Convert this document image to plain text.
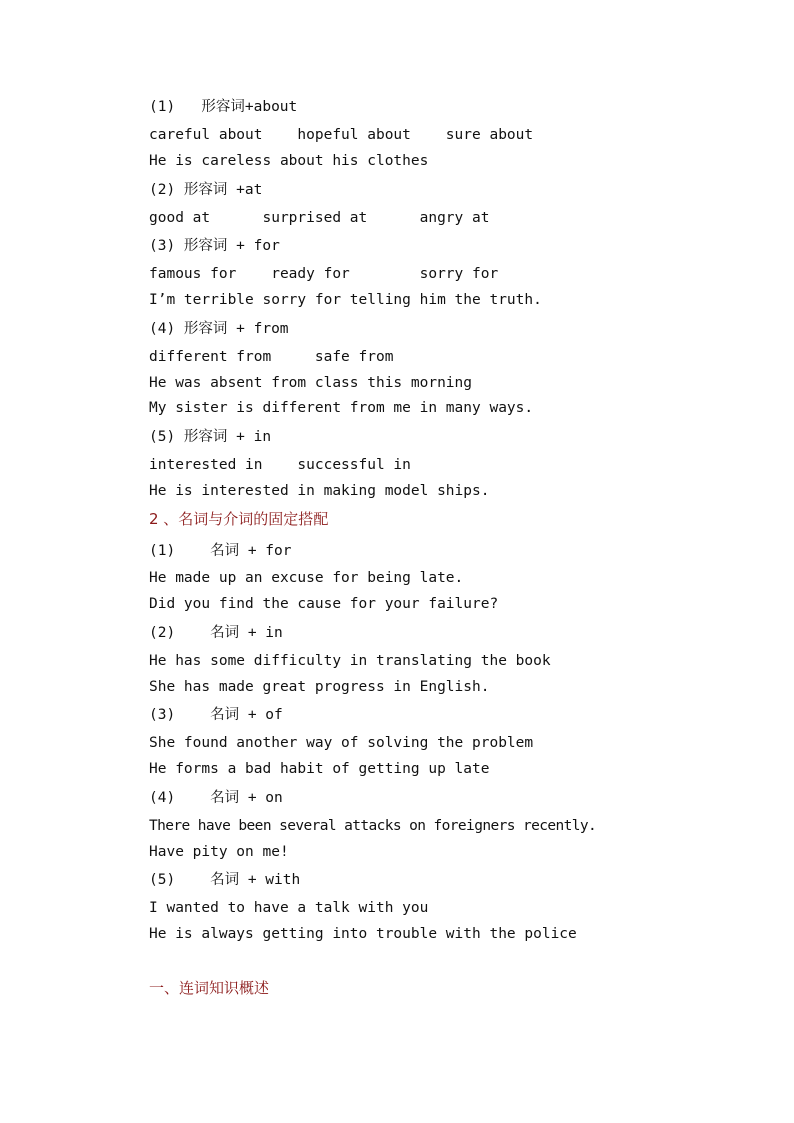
(1)   形容词+about
careful about    hopeful about    sure about
He is careless about his clothes
(2) 形容词 +at
good at      surprised at      angry at
(3) 形容词 + for
famous for    ready for        sorry for
I’m terrible sorry for telling him the truth.
(4) 形容词 + from
different from     safe from
He was absent from class this morning
My sister is different from me in many ways.
(5) 形容词 + in
interested in    successful in
He is interested in making model ships.
2 、名词与介词的固定搭配
(1)    名词 + for
He made up an excuse for being late.
Did you find the cause for your failure?
(2)    名词 + in
He has some difficulty in translating the book
She has made great progress in English.
(3)    名词 + of
She found another way of solving the problem
He forms a bad habit of getting up late
(4)    名词 + on
There have been several attacks on foreigners recently.
Have pity on me!
(5)    名词 + with
I wanted to have a talk with you
He is always getting into trouble with the police
一、连词知识概述
